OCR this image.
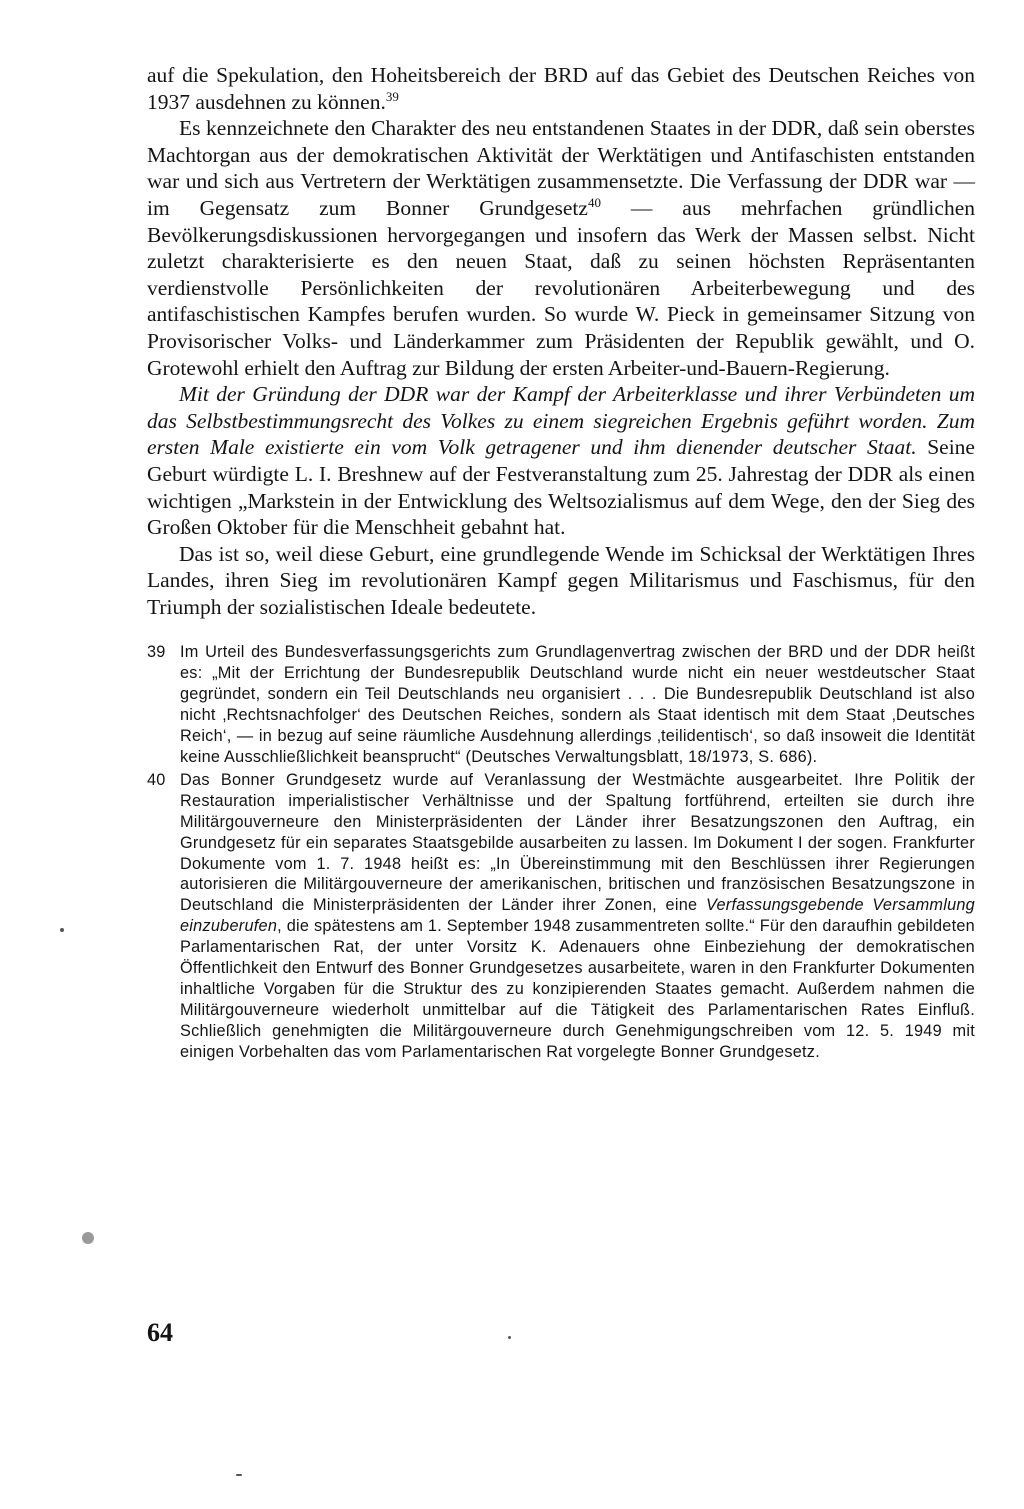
auf die Spekulation, den Hoheitsbereich der BRD auf das Gebiet des Deutschen Reiches von 1937 ausdehnen zu können.$^{39}$

Es kennzeichnete den Charakter des neu entstandenen Staates in der DDR, daß sein oberstes Machtorgan aus der demokratischen Aktivität der Werktätigen und Antifaschisten entstanden war und sich aus Vertretern der Werktätigen zusammensetzte. Die Verfassung der DDR war — im Gegensatz zum Bonner Grundgesetz$^{40}$ — aus mehrfachen gründlichen Bevölkerungsdiskussionen hervorgegangen und insofern das Werk der Massen selbst. Nicht zuletzt charakterisierte es den neuen Staat, daß zu seinen höchsten Repräsentanten verdienstvolle Persönlichkeiten der revolutionären Arbeiterbewegung und des antifaschistischen Kampfes berufen wurden. So wurde W. Pieck in gemeinsamer Sitzung von Provisorischer Volks- und Länderkammer zum Präsidenten der Republik gewählt, und O. Grotewohl erhielt den Auftrag zur Bildung der ersten Arbeiter-und-Bauern-Regierung.

Mit der Gründung der DDR war der Kampf der Arbeiterklasse und ihrer Verbündeten um das Selbstbestimmungsrecht des Volkes zu einem siegreichen Ergebnis geführt worden. Zum ersten Male existierte ein vom Volk getragener und ihm dienender deutscher Staat. Seine Geburt würdigte L. I. Breshnew auf der Festveranstaltung zum 25. Jahrestag der DDR als einen wichtigen „Markstein in der Entwicklung des Weltsozialismus auf dem Wege, den der Sieg des Großen Oktober für die Menschheit gebahnt hat.

Das ist so, weil diese Geburt, eine grundlegende Wende im Schicksal der Werktätigen Ihres Landes, ihren Sieg im revolutionären Kampf gegen Militarismus und Faschismus, für den Triumph der sozialistischen Ideale bedeutete.

39 Im Urteil des Bundesverfassungsgerichts zum Grundlagenvertrag zwischen der BRD und der DDR heißt es: „Mit der Errichtung der Bundesrepublik Deutschland wurde nicht ein neuer westdeutscher Staat gegründet, sondern ein Teil Deutschlands neu organisiert . . . Die Bundesrepublik Deutschland ist also nicht ‚Rechtsnachfolger‘ des Deutschen Reiches, sondern als Staat identisch mit dem Staat ‚Deutsches Reich‘, — in bezug auf seine räumliche Ausdehnung allerdings ‚teilidentisch‘, so daß insoweit die Identität keine Ausschließlichkeit beansprucht“ (Deutsches Verwaltungsblatt, 18/1973, S. 686).
40 Das Bonner Grundgesetz wurde auf Veranlassung der Westmächte ausgearbeitet. Ihre Politik der Restauration imperialistischer Verhältnisse und der Spaltung fortführend, erteilten sie durch ihre Militärgouverneure den Ministerpräsidenten der Länder ihrer Besatzungszonen den Auftrag, ein Grundgesetz für ein separates Staatsgebilde ausarbeiten zu lassen. Im Dokument I der sogen. Frankfurter Dokumente vom 1. 7. 1948 heißt es: „In Übereinstimmung mit den Beschlüssen ihrer Regierungen autorisieren die Militärgouverneure der amerikanischen, britischen und französischen Besatzungszone in Deutschland die Ministerpräsidenten der Länder ihrer Zonen, eine Verfassungsgebende Versammlung einzuberufen, die spätestens am 1. September 1948 zusammentreten sollte.“ Für den daraufhin gebildeten Parlamentarischen Rat, der unter Vorsitz K. Adenauers ohne Einbeziehung der demokratischen Öffentlichkeit den Entwurf des Bonner Grundgesetzes ausarbeitete, waren in den Frankfurter Dokumenten inhaltliche Vorgaben für die Struktur des zu konzipierenden Staates gemacht. Außerdem nahmen die Militärgouverneure wiederholt unmittelbar auf die Tätigkeit des Parlamentarischen Rates Einfluß. Schließlich genehmigten die Militärgouverneure durch Genehmigungschreiben vom 12. 5. 1949 mit einigen Vorbehalten das vom Parlamentarischen Rat vorgelegte Bonner Grundgesetz.
64
